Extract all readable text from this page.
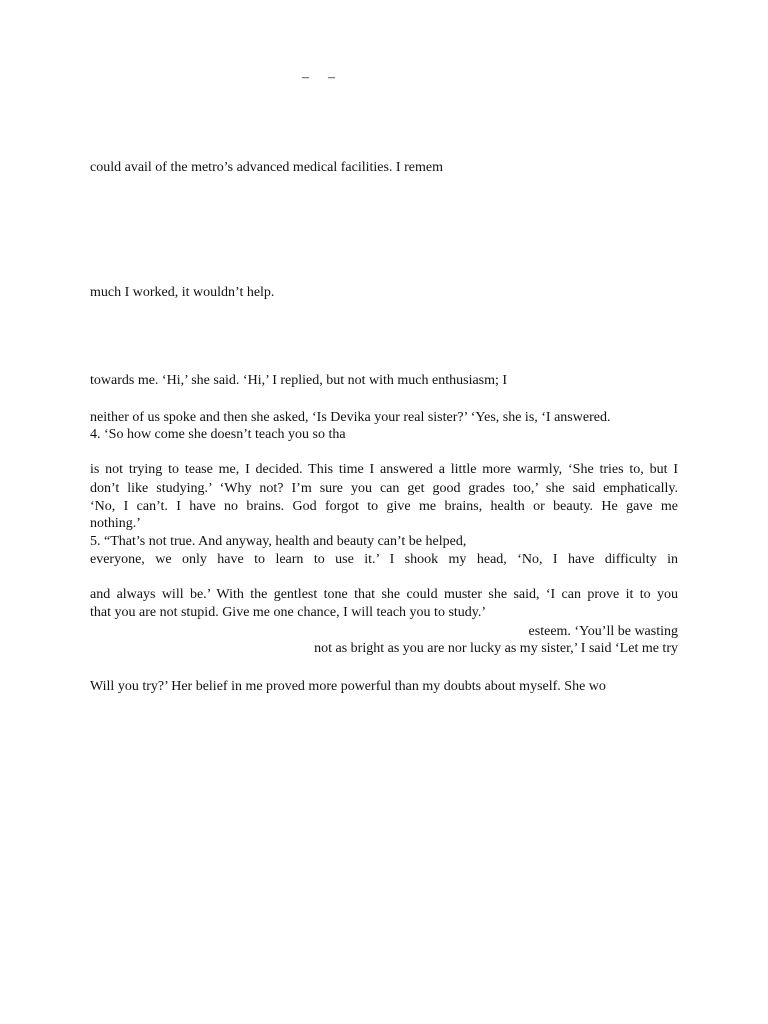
– –
could avail of the metro’s advanced medical facilities. I remem
much I worked, it wouldn’t help.
towards me. ‘Hi,’ she said. ‘Hi,’ I replied, but not with much enthusiasm; I
neither of us spoke and then she asked, ‘Is Devika your real sister?’ ‘Yes, she is, ‘I answered.
4. ‘So how come she doesn’t teach you so tha
is not trying to tease me, I decided. This time I answered a little more warmly, ‘She tries to, but I
don’t like studying.’ ‘Why not? I’m sure you can get good grades too,’ she said emphatically.
‘No, I can’t. I have no brains. God forgot to give me brains, health or beauty. He gave me
nothing.’
5. “That’s not true. And anyway, health and beauty can’t be helped,
everyone, we only have to learn to use it.’ I shook my head, ‘No, I have difficulty in
and always will be.’ With the gentlest tone that she could muster she said, ‘I can prove it to you
that you are not stupid. Give me one chance, I will teach you to study.’
esteem. ‘You’ll be wasting
not as bright as you are nor lucky as my sister,’ I said ‘Let me try
Will you try?’ Her belief in me proved more powerful than my doubts about myself. She wo
